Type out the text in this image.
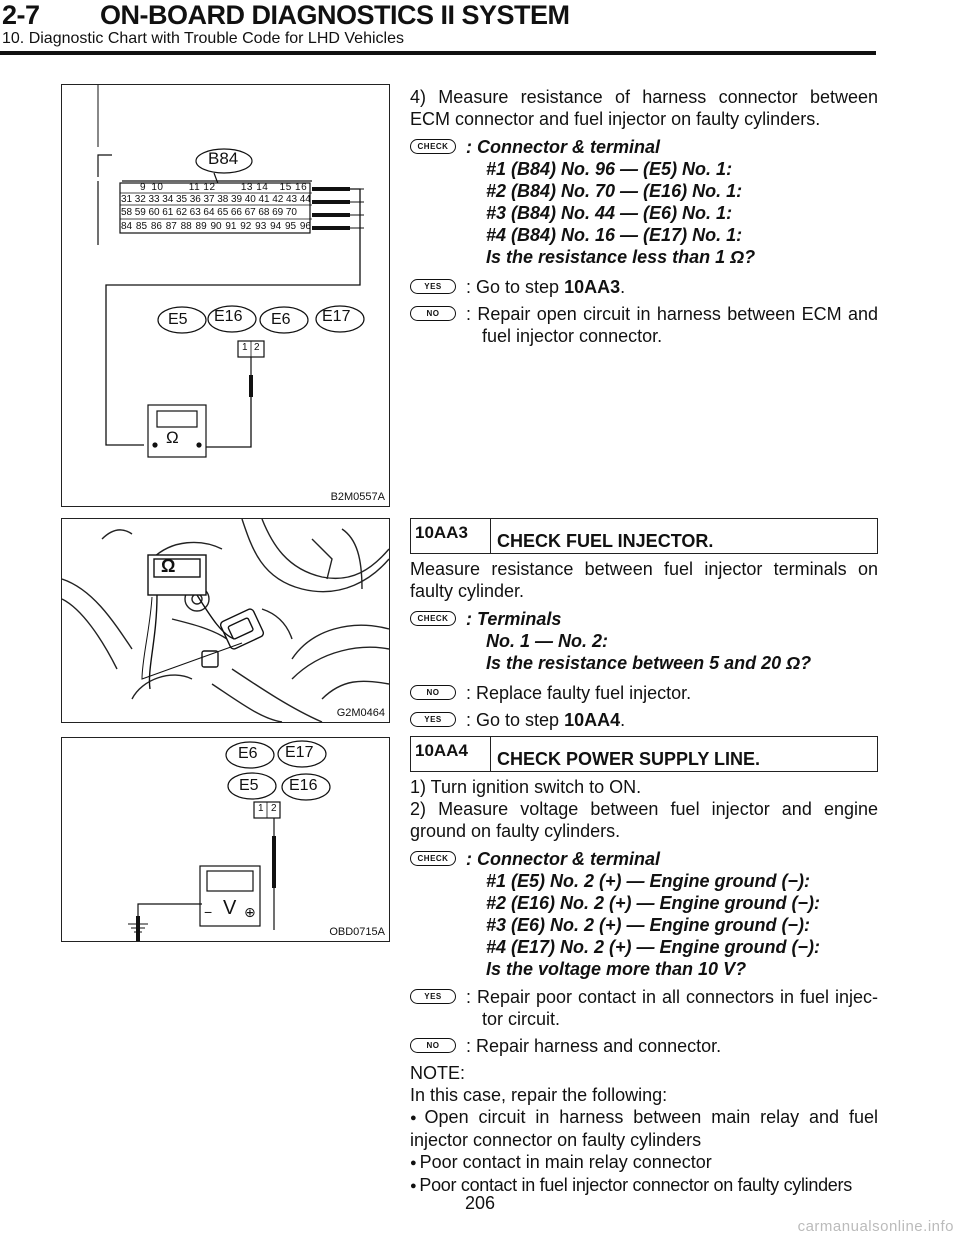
2-7 ON-BOARD DIAGNOSTICS II SYSTEM
10. Diagnostic Chart with Trouble Code for LHD Vehicles
B84
9 10	11 12	13 14 15 16
31 32 33 34 35 36 37 38 39 40 41 42 43 44
58 59 60 61 62 63 64 65 66 67 68 69 70
84 85 86 87 88 89 90 91 92 93 94 95 96
E5 E16 E6 E17
1 2
Ω
B2M0557A
Ω
G2M0464
E6 E17
E5 E16
1 2
− V ⊕
OBD0715A

4) Measure resistance of harness connector between ECM connector and fuel injector on faulty cylinders.

CHECK : Connector & terminal
#1 (B84) No. 96 — (E5) No. 1:
#2 (B84) No. 70 — (E16) No. 1:
#3 (B84) No. 44 — (E6) No. 1:
#4 (B84) No. 16 — (E17) No. 1:
Is the resistance less than 1 Ω?
YES	: Go to step 10AA3.
NO	: Repair open circuit in harness between ECM and fuel injector connector.
10AA3	CHECK FUEL INJECTOR.

Measure resistance between fuel injector terminals on faulty cylinder.

CHECK : Terminals
No. 1 — No. 2:
Is the resistance between 5 and 20 Ω?
NO	: Replace faulty fuel injector.
YES	: Go to step 10AA4.
10AA4	CHECK POWER SUPPLY LINE.

1) Turn ignition switch to ON.

2) Measure voltage between fuel injector and engine ground on faulty cylinders.

CHECK : Connector & terminal
#1 (E5) No. 2 (+) — Engine ground (−):
#2 (E16) No. 2 (+) — Engine ground (−):
#3 (E6) No. 2 (+) — Engine ground (−):
#4 (E17) No. 2 (+) — Engine ground (−):
Is the voltage more than 10 V?
YES	: Repair poor contact in all connectors in fuel injec- tor circuit.
NO	: Repair harness and connector.

NOTE:

In this case, repair the following:

● Open circuit in harness between main relay and fuel injector connector on faulty cylinders

● Poor contact in main relay connector

● Poor contact in fuel injector connector on faulty cylinders

206
carmanualsonline.info
